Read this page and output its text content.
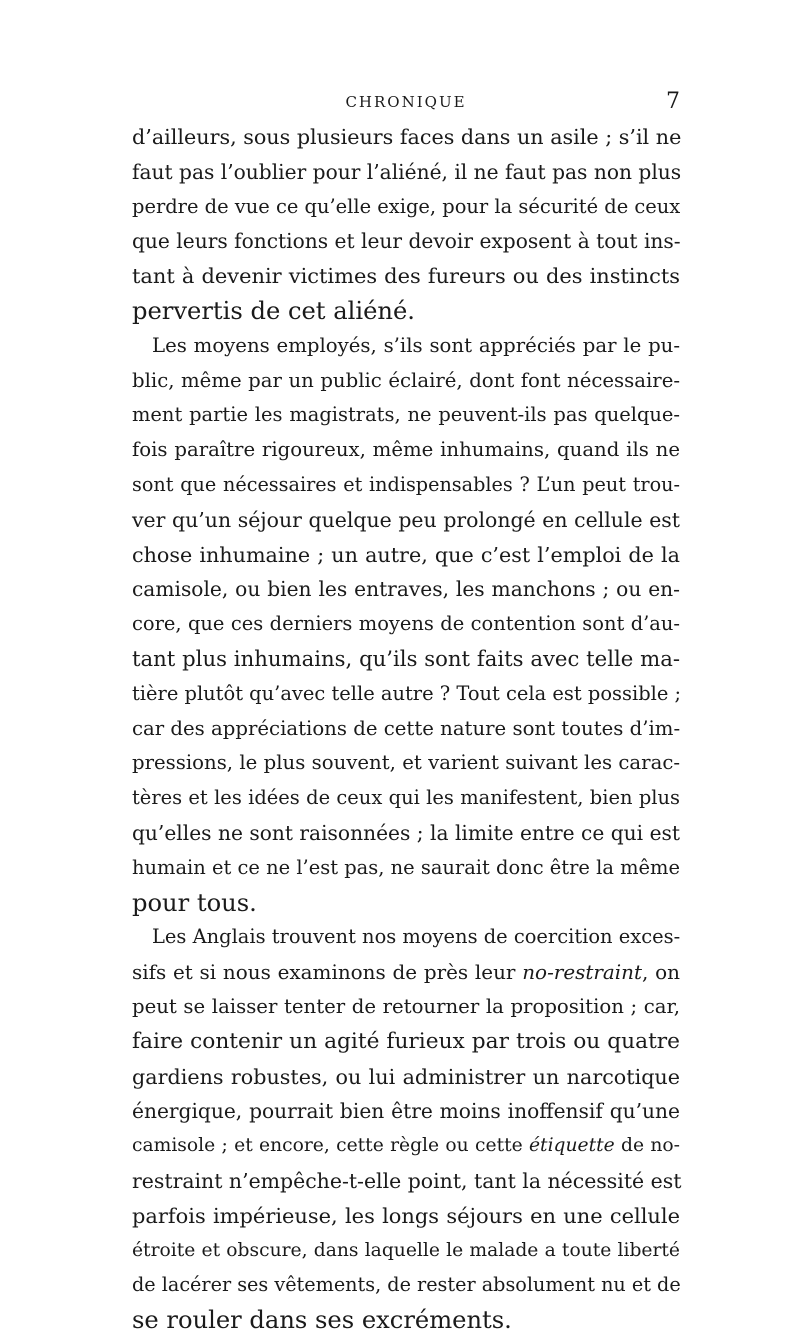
CHRONIQUE	7

d’ailleurs, sous plusieurs faces dans un asile ; s’il ne
faut pas l’oublier pour l’aliéné, il ne faut pas non plus
perdre de vue ce qu’elle exige, pour la sécurité de ceux
que leurs fonctions et leur devoir exposent à tout ins-
tant à devenir victimes des fureurs ou des instincts
pervertis de cet aliéné.

Les moyens employés, s’ils sont appréciés par le pu-
blic, même par un public éclairé, dont font nécessaire-
ment partie les magistrats, ne peuvent-ils pas quelque-
fois paraître rigoureux, même inhumains, quand ils ne
sont que nécessaires et indispensables ? L’un peut trou-
ver qu’un séjour quelque peu prolongé en cellule est
chose inhumaine ; un autre, que c’est l’emploi de la
camisole, ou bien les entraves, les manchons ; ou en-
core, que ces derniers moyens de contention sont d’au-
tant plus inhumains, qu’ils sont faits avec telle ma-
tière plutôt qu’avec telle autre ? Tout cela est possible ;
car des appréciations de cette nature sont toutes d’im-
pressions, le plus souvent, et varient suivant les carac-
tères et les idées de ceux qui les manifestent, bien plus
qu’elles ne sont raisonnées ; la limite entre ce qui est
humain et ce ne l’est pas, ne saurait donc être la même
pour tous.

Les Anglais trouvent nos moyens de coercition exces-
sifs et si nous examinons de près leur no-restraint, on
peut se laisser tenter de retourner la proposition ; car,
faire contenir un agité furieux par trois ou quatre
gardiens robustes, ou lui administrer un narcotique
énergique, pourrait bien être moins inoffensif qu’une
camisole ; et encore, cette règle ou cette étiquette de no-
restraint n’empêche-t-elle point, tant la nécessité est
parfois impérieuse, les longs séjours en une cellule
étroite et obscure, dans laquelle le malade a toute liberté
de lacérer ses vêtements, de rester absolument nu et de
se rouler dans ses excréments.
